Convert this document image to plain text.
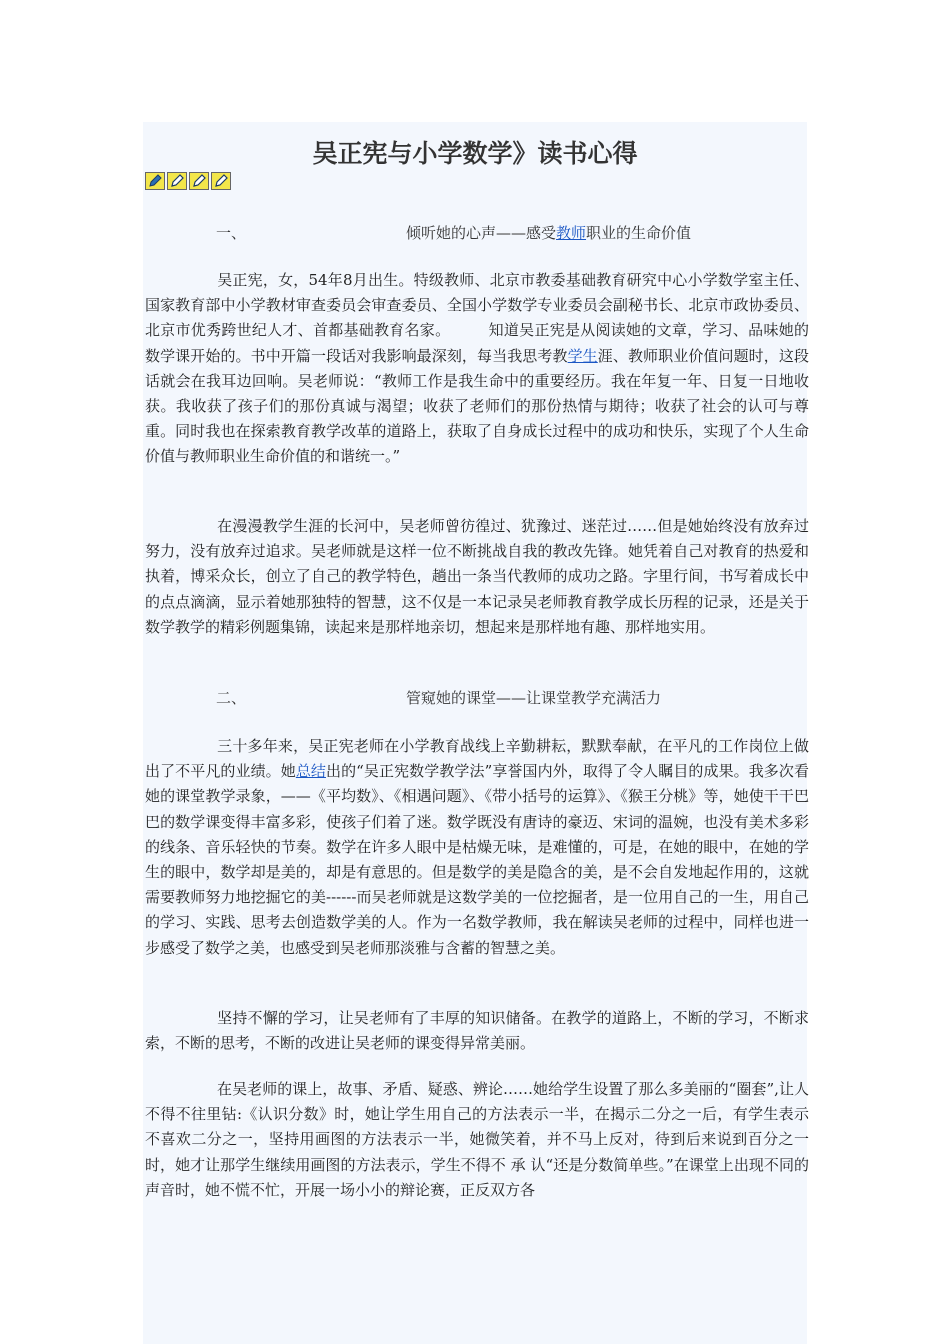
吴正宪与小学数学》读书心得
一、	倾听她的心声——感受教师职业的生命价值
吴正宪，女，54年8月出生。特级教师、北京市教委基础教育研究中心小学数学室主任、国家教育部中小学教材审查委员会审查委员、全国小学数学专业委员会副秘书长、北京市政协委员、北京市优秀跨世纪人才、首都基础教育名家。　　　知道吴正宪是从阅读她的文章，学习、品味她的数学课开始的。书中开篇一段话对我影响最深刻，每当我思考教学生涯、教师职业价值问题时，这段话就会在我耳边回响。吴老师说：“教师工作是我生命中的重要经历。我在年复一年、日复一日地收获。我收获了孩子们的那份真诚与渴望；收获了老师们的那份热情与期待；收获了社会的认可与尊重。同时我也在探索教育教学改革的道路上，获取了自身成长过程中的成功和快乐，实现了个人生命价值与教师职业生命价值的和谐统一。”
在漫漫教学生涯的长河中，吴老师曾彷徨过、犹豫过、迷茫过……但是她始终没有放弃过努力，没有放弃过追求。吴老师就是这样一位不断挑战自我的教改先锋。她凭着自己对教育的热爱和执着，博采众长，创立了自己的教学特色，趟出一条当代教师的成功之路。字里行间，书写着成长中的点点滴滴，显示着她那独特的智慧，这不仅是一本记录吴老师教育教学成长历程的记录，还是关于数学教学的精彩例题集锦，读起来是那样地亲切，想起来是那样地有趣、那样地实用。
二、	管窥她的课堂——让课堂教学充满活力
三十多年来，吴正宪老师在小学教育战线上辛勤耕耘，默默奉献，在平凡的工作岗位上做出了不平凡的业绩。她总结出的“吴正宪数学教学法”享誉国内外，取得了令人瞩目的成果。我多次看她的课堂教学录象，——《平均数》、《相遇问题》、《带小括号的运算》、《猴王分桃》等，她使干干巴巴的数学课变得丰富多彩，使孩子们着了迷。数学既没有唐诗的豪迈、宋词的温婉，也没有美术多彩的线条、音乐轻快的节奏。数学在许多人眼中是枯燥无味，是难懂的，可是，在她的眼中，在她的学生的眼中，数学却是美的，却是有意思的。但是数学的美是隐含的美，是不会自发地起作用的，这就需要教师努力地挖掘它的美------而吴老师就是这数学美的一位挖掘者，是一位用自己的一生，用自己的学习、实践、思考去创造数学美的人。作为一名数学教师，我在解读吴老师的过程中，同样也进一步感受了数学之美，也感受到吴老师那淡雅与含蓄的智慧之美。
坚持不懈的学习，让吴老师有了丰厚的知识储备。在教学的道路上，不断的学习，不断求索，不断的思考，不断的改进让吴老师的课变得异常美丽。
在吴老师的课上，故事、矛盾、疑惑、辨论……她给学生设置了那么多美丽的“圈套”,让人不得不往里钻:《认识分数》时，她让学生用自己的方法表示一半，在揭示二分之一后，有学生表示不喜欢二分之一，坚持用画图的方法表示一半，她微笑着，并不马上反对，待到后来说到百分之一时，她才让那学生继续用画图的方法表示，学生不得不 承 认“还是分数简单些。”在课堂上出现不同的声音时，她不慌不忙，开展一场小小的辩论赛，正反双方各
